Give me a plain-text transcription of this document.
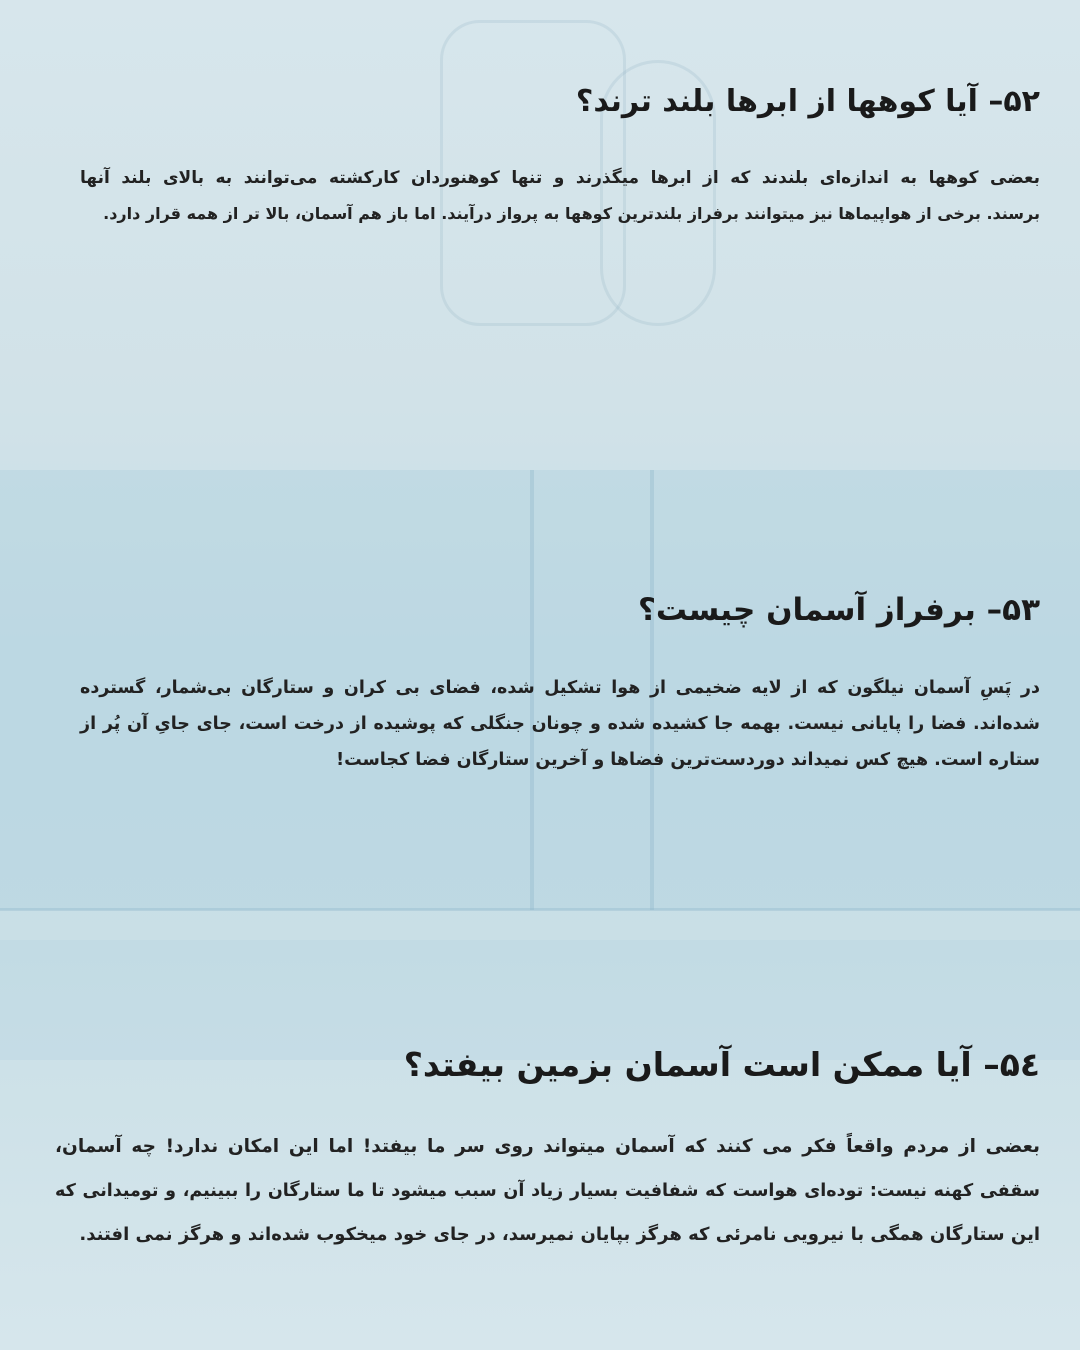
۵۲– آیا کوهها از ابرها بلند ترند؟
بعضی کوهها به اندازه‌ای بلندند که از ابرها میگذرند و تنها کوهنوردان کارکشته می‌توانند به بالای بلند آنها
برسند. برخی از هواپیماها نیز میتوانند برفراز بلندترین کوهها به پرواز درآیند. اما باز هم آسمان، بالا تر از همه قرار دارد.
۵۳– برفراز آسمان چیست؟
در پَسِ آسمان نیلگون که از لایه ضخیمی از هوا تشکیل شده، فضای بی کران و ستارگان بی‌شمار، گسترده
شده‌اند. فضا را پایانی نیست. بهمه جا کشیده شده و چونان جنگلی که پوشیده از درخت است، جای جایِ آن پُر از
ستاره است. هیچ کس نمیداند دوردست‌ترین فضاها و آخرین ستارگان فضا کجاست!
۵٤– آیا ممکن است آسمان بزمین بیفتد؟
بعضی از مردم واقعاً فکر می کنند که آسمان میتواند روی سر ما بیفتد! اما این امکان ندارد! چه آسمان،
سقفی کهنه نیست: توده‌ای هواست که شفافیت بسیار زیاد آن سبب میشود تا ما ستارگان را ببینیم، و تومیدانی که
این ستارگان همگی با نیرویی نامرئی که هرگز بپایان نمیرسد، در جای خود میخکوب شده‌اند و هرگز نمی افتند.
